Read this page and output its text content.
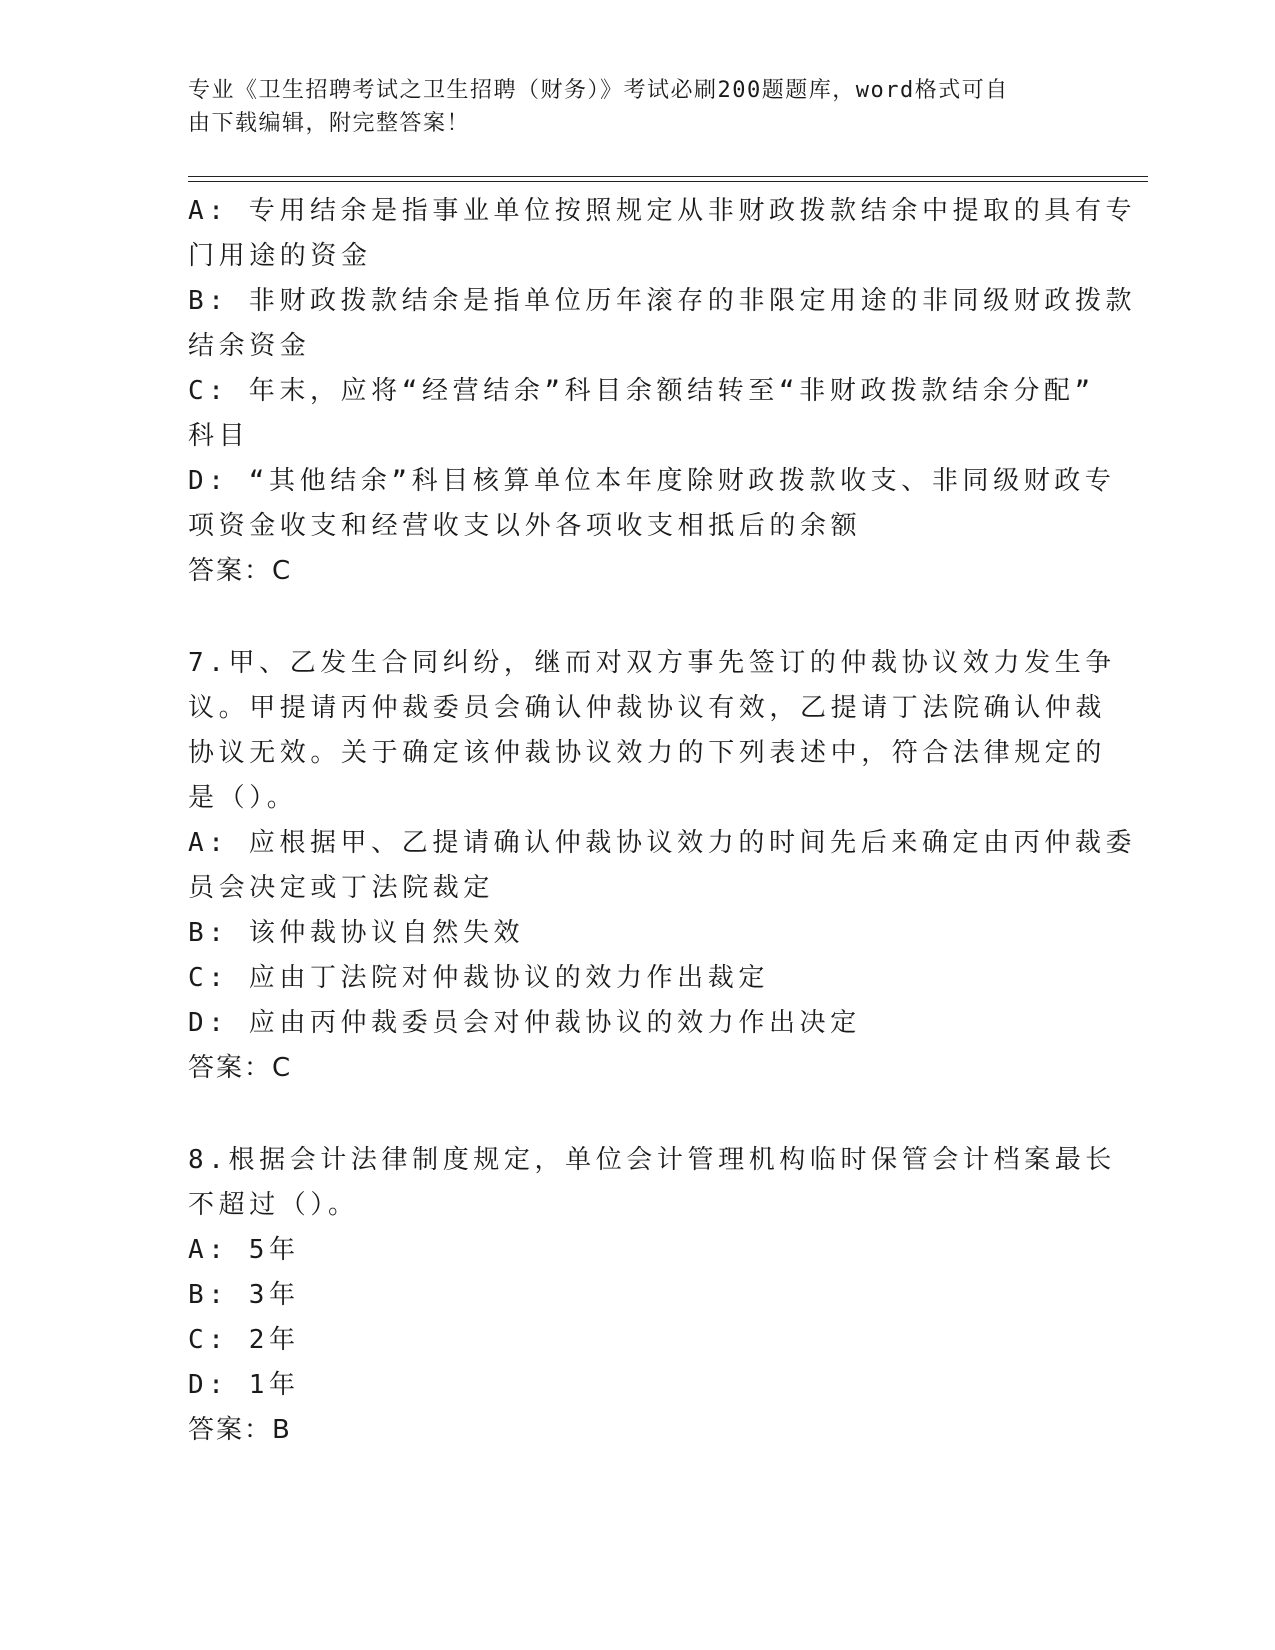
专业《卫生招聘考试之卫生招聘（财务）》考试必刷200题题库，word格式可自
由下载编辑，附完整答案！
A: 专用结余是指事业单位按照规定从非财政拨款结余中提取的具有专
门用途的资金
B: 非财政拨款结余是指单位历年滚存的非限定用途的非同级财政拨款
结余资金
C: 年末，应将“经营结余”科目余额结转至“非财政拨款结余分配”
科目
D: “其他结余”科目核算单位本年度除财政拨款收支、非同级财政专
项资金收支和经营收支以外各项收支相抵后的余额
答案：C
7.甲、乙发生合同纠纷，继而对双方事先签订的仲裁协议效力发生争
议。甲提请丙仲裁委员会确认仲裁协议有效，乙提请丁法院确认仲裁
协议无效。关于确定该仲裁协议效力的下列表述中，符合法律规定的
是（）。
A: 应根据甲、乙提请确认仲裁协议效力的时间先后来确定由丙仲裁委
员会决定或丁法院裁定
B: 该仲裁协议自然失效
C: 应由丁法院对仲裁协议的效力作出裁定
D: 应由丙仲裁委员会对仲裁协议的效力作出决定
答案：C
8.根据会计法律制度规定，单位会计管理机构临时保管会计档案最长
不超过（）。
A: 5年
B: 3年
C: 2年
D: 1年
答案：B
